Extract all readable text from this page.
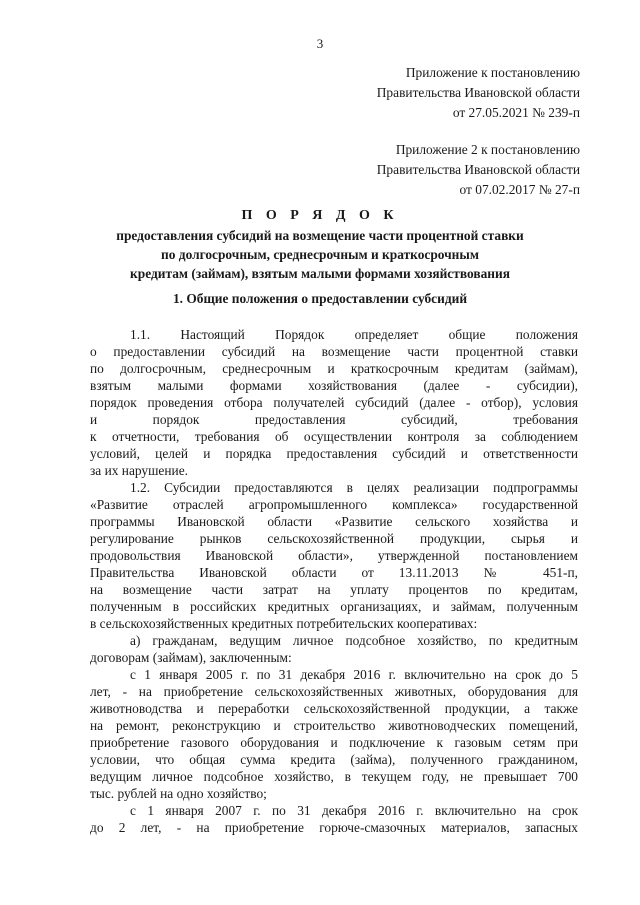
3
Приложение к постановлению
Правительства Ивановской области
от 27.05.2021 № 239-п
Приложение 2 к постановлению
Правительства Ивановской области
от 07.02.2017 № 27-п
П О Р Я Д О К
предоставления субсидий на возмещение части процентной ставки
по долгосрочным, среднесрочным и краткосрочным
кредитам (займам), взятым малыми формами хозяйствования
1. Общие положения о предоставлении субсидий
1.1. Настоящий Порядок определяет общие положения
о предоставлении субсидий на возмещение части процентной ставки
по долгосрочным, среднесрочным и краткосрочным кредитам (займам),
взятым малыми формами хозяйствования (далее - субсидии),
порядок проведения отбора получателей субсидий (далее - отбор), условия
и порядок предоставления субсидий, требования
к отчетности, требования об осуществлении контроля за соблюдением
условий, целей и порядка предоставления субсидий и ответственности
за их нарушение.
1.2. Субсидии предоставляются в целях реализации подпрограммы
«Развитие отраслей агропромышленного комплекса» государственной
программы Ивановской области «Развитие сельского хозяйства и
регулирование рынков сельскохозяйственной продукции, сырья и
продовольствия Ивановской области», утвержденной постановлением
Правительства Ивановской области от 13.11.2013 № 451-п,
на возмещение части затрат на уплату процентов по кредитам,
полученным в российских кредитных организациях, и займам, полученным
в сельскохозяйственных кредитных потребительских кооперативах:
а) гражданам, ведущим личное подсобное хозяйство, по кредитным
договорам (займам), заключенным:
с 1 января 2005 г. по 31 декабря 2016 г. включительно на срок до 5
лет, - на приобретение сельскохозяйственных животных, оборудования для
животноводства и переработки сельскохозяйственной продукции, а также
на ремонт, реконструкцию и строительство животноводческих помещений,
приобретение газового оборудования и подключение к газовым сетям при
условии, что общая сумма кредита (займа), полученного гражданином,
ведущим личное подсобное хозяйство, в текущем году, не превышает 700
тыс. рублей на одно хозяйство;
с 1 января 2007 г. по 31 декабря 2016 г. включительно на срок
до 2 лет, - на приобретение горюче-смазочных материалов, запасных
